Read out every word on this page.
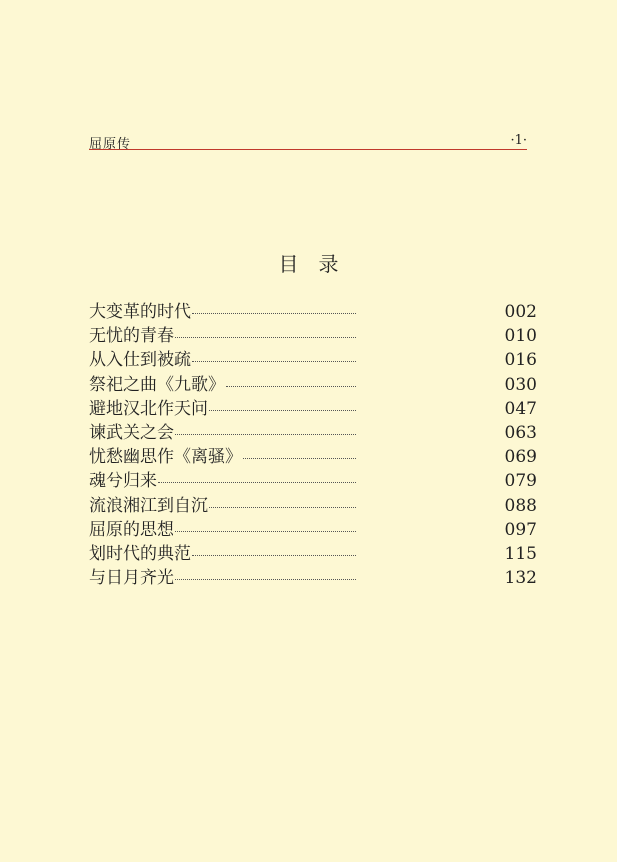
屈原传	·1·
目录
大变革的时代	002
无忧的青春	010
从入仕到被疏	016
祭祀之曲《九歌》	030
避地汉北作天问	047
谏武关之会	063
忧愁幽思作《离骚》	069
魂兮归来	079
流浪湘江到自沉	088
屈原的思想	097
划时代的典范	115
与日月齐光	132
